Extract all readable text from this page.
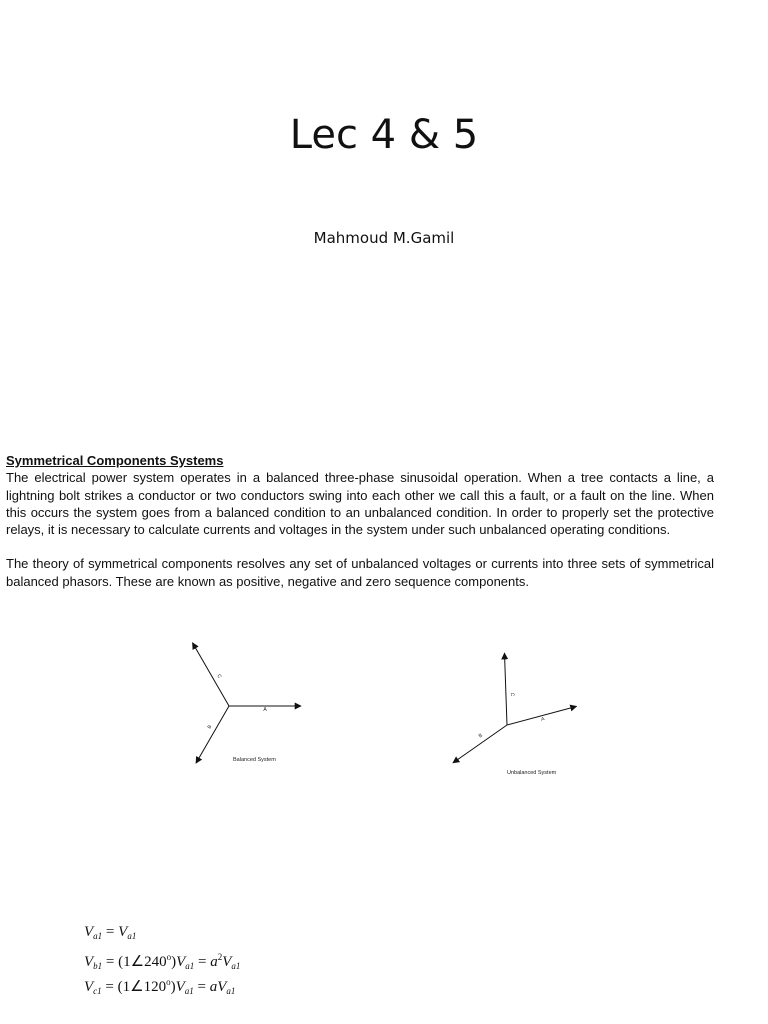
Lec 4 & 5
Mahmoud M.Gamil

Symmetrical Components Systems

The electrical power system operates in a balanced three-phase sinusoidal operation. When a tree contacts a line, a lightning bolt strikes a conductor or two conductors swing into each other we call this a fault, or a fault on the line. When this occurs the system goes from a balanced condition to an unbalanced condition. In order to properly set the protective relays, it is necessary to calculate currents and voltages in the system under such unbalanced operating conditions.

The theory of symmetrical components resolves any set of unbalanced voltages or currents into three sets of symmetrical balanced phasors. These are known as positive, negative and zero sequence components.

A
B
C
Balanced System
A
B
C
Unbalanced System
$V_{a1} = V_{a1}$
$V_{b1}$ = $(1\angle 240^o)V_{a1} = a^2V_{a1}$
$V_{c1}$ = $(1\angle 120^o)V_{a1} = aV_{a1}$
